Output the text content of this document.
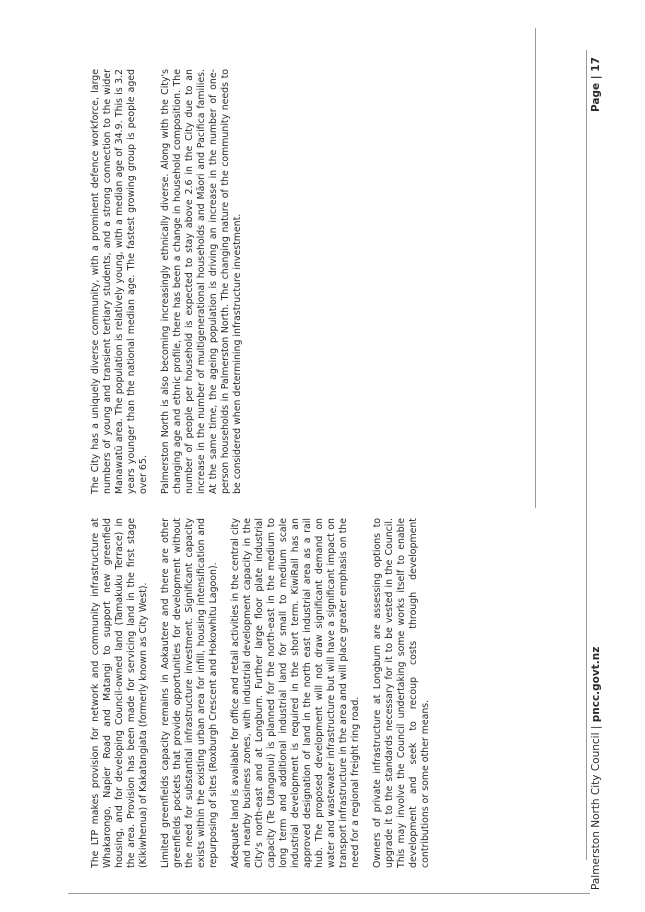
The LTP makes provision for network and community infrastructure at Whakarongo, Napier Road and Matangi to support new greenfield housing, and for developing Council-owned land (Tamakuku Terrace) in the area. Provision has been made for servicing land in the first stage (Kikiwhenua) of Kakatangiata (formerly known as City West). Limited greenfields capacity remains in Aokautere and there are other greenfields pockets that provide opportunities for development without the need for substantial infrastructure investment. Significant capacity exists within the existing urban area for infill, housing intensification and repurposing of sites (Roxburgh Crescent and Hokowhitu Lagoon). Adequate land is available for office and retail activities in the central city and nearby business zones, with industrial development capacity in the City's north-east and at Longburn. Further large floor plate industrial capacity (Te Utanganui) is planned for the north-east in the medium to long term and additional industrial land for small to medium scale industrial development is required in the short term. KiwiRail has an approved designation of land in the north east industrial area as a rail hub. The proposed development will not draw significant demand on water and wastewater infrastructure but will have a significant impact on transport infrastructure in the area and will place greater emphasis on the need for a regional freight ring road. Owners of private infrastructure at Longburn are assessing options to upgrade it to the standards necessary for it to be vested in the Council. This may involve the Council undertaking some works itself to enable development and seek to recoup costs through development contributions or some other means.

The City has a uniquely diverse community, with a prominent defence workforce, large numbers of young and transient tertiary students, and a strong connection to the wider Manawatū area. The population is relatively young, with a median age of 34.9. This is 3.2 years younger than the national median age. The fastest growing group is people aged over 65. Palmerston North is also becoming increasingly ethnically diverse. Along with the City's changing age and ethnic profile, there has been a change in household composition. The number of people per household is expected to stay above 2.6 in the City due to an increase in the number of multigenerational households and Māori and Pacifica families. At the same time, the ageing population is driving an increase in the number of one-person households in Palmerston North. The changing nature of the community needs to be considered when determining infrastructure investment.

Palmerston North City Council | pncc.govt.nz
Page | 17
